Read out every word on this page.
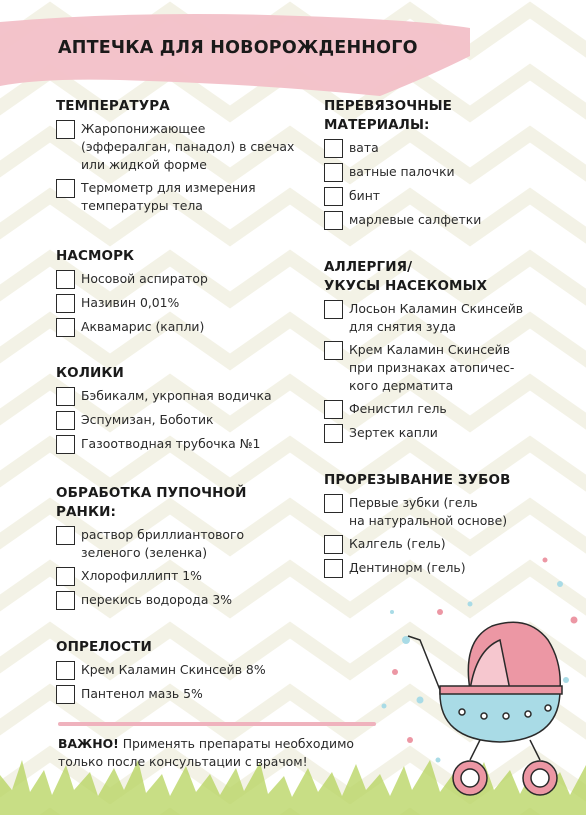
АПТЕЧКА ДЛЯ НОВОРОЖДЕННОГО
ТЕМПЕРАТУРА
Жаропонижающее
(эффералган, панадол) в свечах
или жидкой форме
Термометр для измерения
температуры тела
НАСМОРК
Носовой аспиратор
Називин 0,01%
Аквамарис (капли)
КОЛИКИ
Бэбикалм, укропная водичка
Эспумизан, Боботик
Газоотводная трубочка №1
ОБРАБОТКА ПУПОЧНОЙ
РАНКИ:
раствор бриллиантового
зеленого (зеленка)
Хлорофиллипт 1%
перекись водорода 3%
ОПРЕЛОСТИ
Крем Каламин Скинсейв 8%
Пантенол мазь 5%
ПЕРЕВЯЗОЧНЫЕ
МАТЕРИАЛЫ:
вата
ватные палочки
бинт
марлевые салфетки
АЛЛЕРГИЯ/
УКУСЫ НАСЕКОМЫХ
Лосьон Каламин Скинсейв
для снятия зуда
Крем Каламин Скинсейв
при признаках атопичес-
кого дерматита
Фенистил гель
Зертек капли
ПРОРЕЗЫВАНИЕ ЗУБОВ
Первые зубки (гель
на натуральной основе)
Калгель (гель)
Дентинорм (гель)
ВАЖНО! Применять препараты необходимо
только после консультации с врачом!
